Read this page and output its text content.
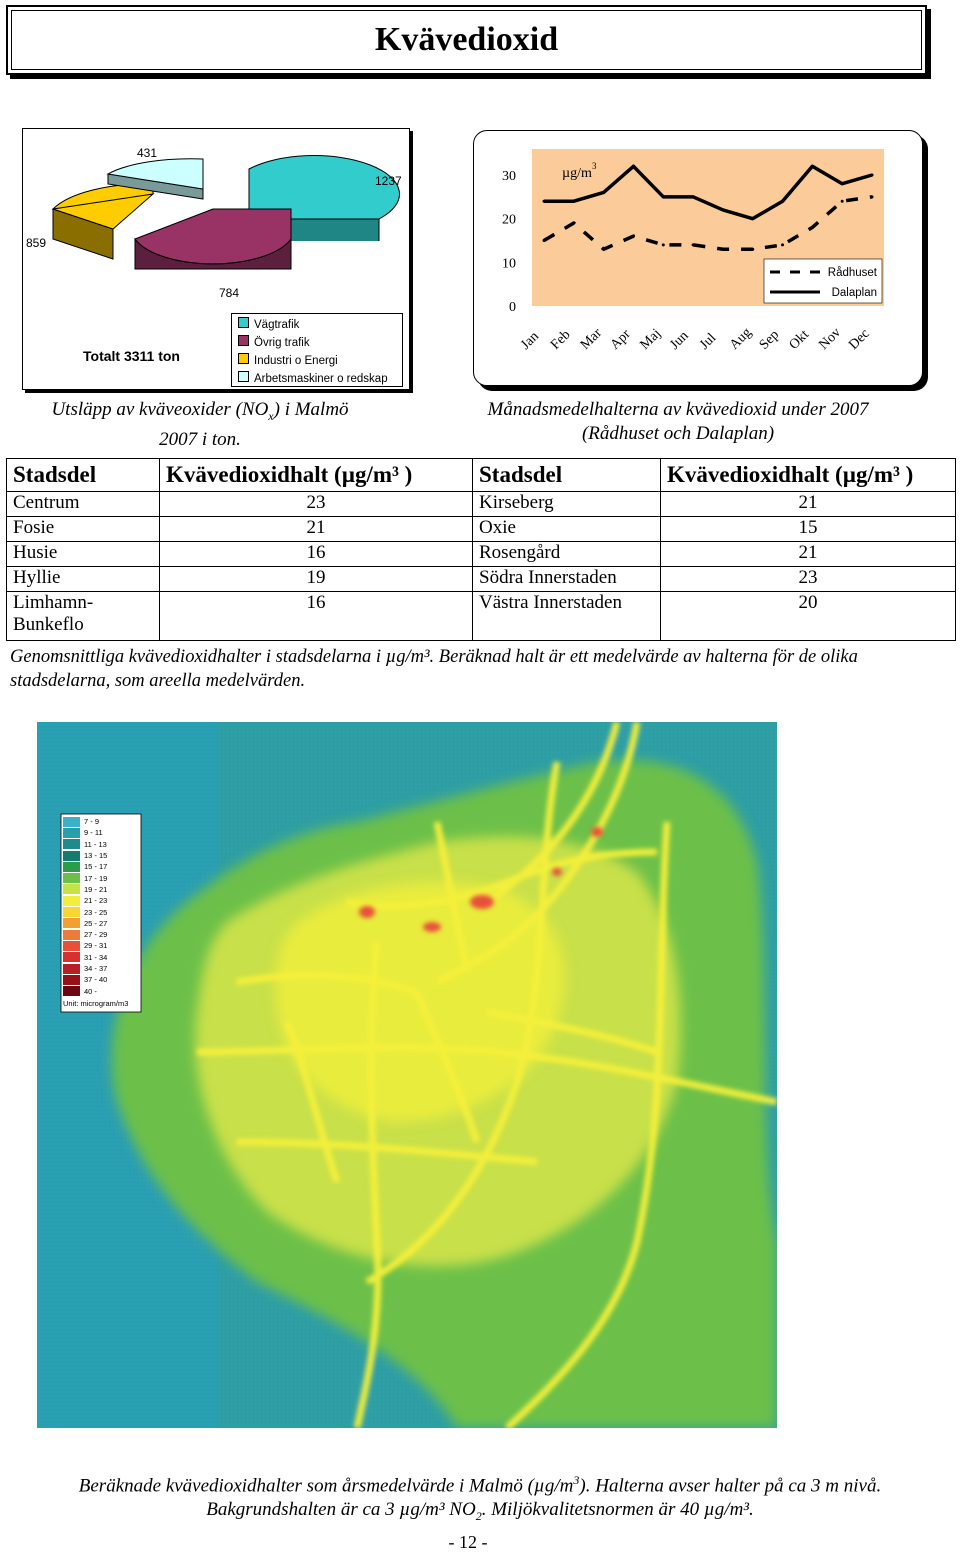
Kvävedioxid
431
1237
859
784
Totalt 3311 ton
Vägtrafik
Övrig trafik
Industri o Energi
Arbetsmaskiner o redskap
Utsläpp av kväveoxider $(NO_x)$ i Malmö
2007 i ton.
0
10
20
30	µg/m 3
Jan Feb Mar Apr Maj Jun Jul Aug Sep Okt Nov Dec
Rådhuset
Dalaplan
Månadsmedelhalterna av kvävedioxid under 2007
(Rådhuset och Dalaplan)
Stadsdel	Kvävedioxidhalt (µg/m³ )	Stadsdel	Kvävedioxidhalt (µg/m³ )
Centrum	23	Kirseberg	21
Fosie	21	Oxie	15
Husie	16	Rosengård	21
Hyllie	19	Södra Innerstaden	23
Limhamn-Bunkeflo	16	Västra Innerstaden	20
Genomsnittliga kvävedioxidhalter i stadsdelarna i µg/m³. Beräknad halt är ett medelvärde av halterna för de olika stadsdelarna, som areella medelvärden.
7 - 9
9 - 11
11 - 13
13 - 15
15 - 17
17 - 19
19 - 21
21 - 23
23 - 25
25 - 27
27 - 29
29 - 31
31 - 34
34 - 37
37 - 40
40 -
Unit: microgram/m3
Beräknade kvävedioxidhalter som årsmedelvärde i Malmö $(\mu g/m^3)$. Halterna avser halter på ca 3 m nivå.
Bakgrundshalten är ca 3 µg/m³ $NO_2$. Miljökvalitetsnormen är 40 µg/m³.
- 12 -
